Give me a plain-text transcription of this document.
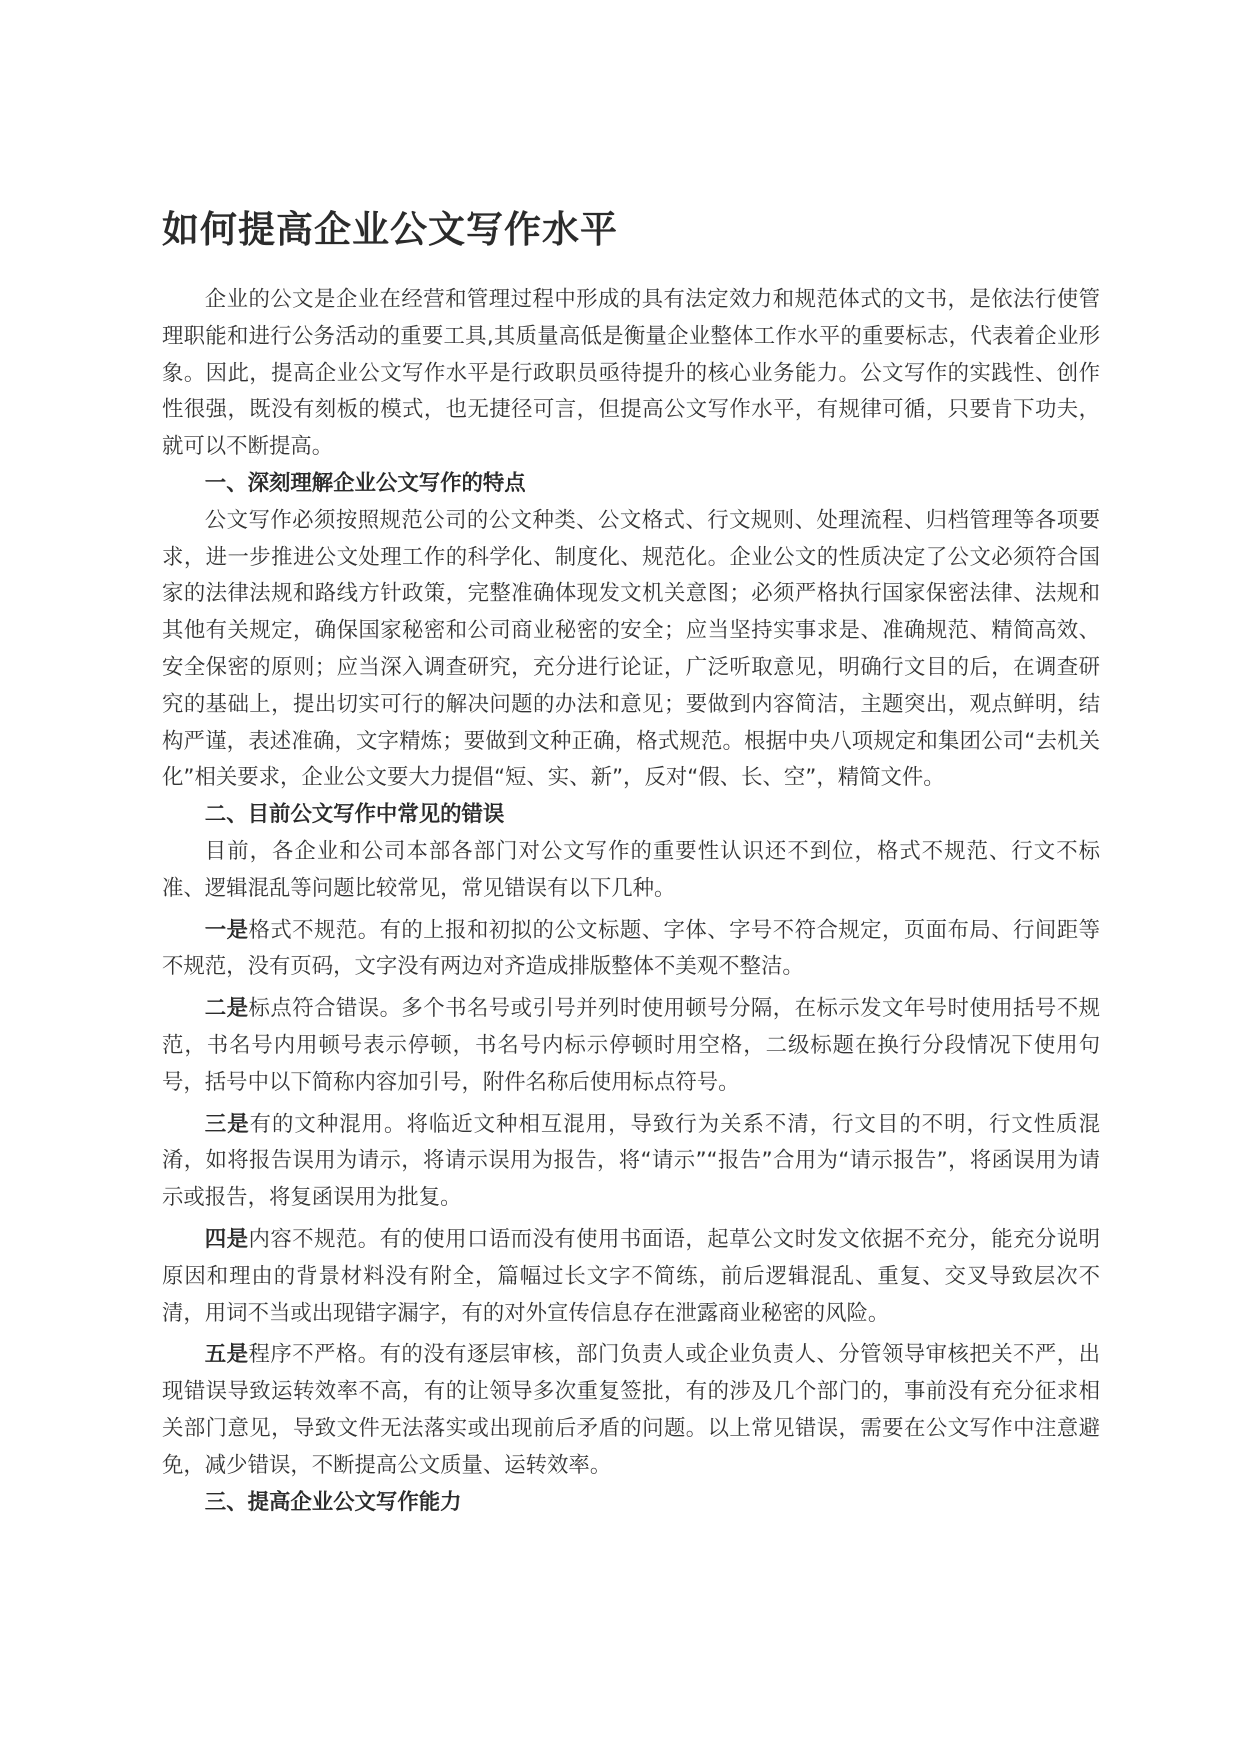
如何提高企业公文写作水平

企业的公文是企业在经营和管理过程中形成的具有法定效力和规范体式的文书，是依法行使管理职能和进行公务活动的重要工具,其质量高低是衡量企业整体工作水平的重要标志，代表着企业形象。因此，提高企业公文写作水平是行政职员亟待提升的核心业务能力。公文写作的实践性、创作性很强，既没有刻板的模式，也无捷径可言，但提高公文写作水平，有规律可循，只要肯下功夫，就可以不断提高。

一、深刻理解企业公文写作的特点

公文写作必须按照规范公司的公文种类、公文格式、行文规则、处理流程、归档管理等各项要求，进一步推进公文处理工作的科学化、制度化、规范化。企业公文的性质决定了公文必须符合国家的法律法规和路线方针政策，完整准确体现发文机关意图；必须严格执行国家保密法律、法规和其他有关规定，确保国家秘密和公司商业秘密的安全；应当坚持实事求是、准确规范、精简高效、安全保密的原则；应当深入调查研究，充分进行论证，广泛听取意见，明确行文目的后，在调查研究的基础上，提出切实可行的解决问题的办法和意见；要做到内容简洁，主题突出，观点鲜明，结构严谨，表述准确，文字精炼；要做到文种正确，格式规范。根据中央八项规定和集团公司“去机关化”相关要求，企业公文要大力提倡“短、实、新”，反对“假、长、空”，精简文件。

二、目前公文写作中常见的错误

目前，各企业和公司本部各部门对公文写作的重要性认识还不到位，格式不规范、行文不标准、逻辑混乱等问题比较常见，常见错误有以下几种。

一是格式不规范。有的上报和初拟的公文标题、字体、字号不符合规定，页面布局、行间距等不规范，没有页码，文字没有两边对齐造成排版整体不美观不整洁。

二是标点符合错误。多个书名号或引号并列时使用顿号分隔，在标示发文年号时使用括号不规范，书名号内用顿号表示停顿，书名号内标示停顿时用空格，二级标题在换行分段情况下使用句号，括号中以下简称内容加引号，附件名称后使用标点符号。

三是有的文种混用。将临近文种相互混用，导致行为关系不清，行文目的不明，行文性质混淆，如将报告误用为请示，将请示误用为报告，将“请示”“报告”合用为“请示报告”，将函误用为请示或报告，将复函误用为批复。

四是内容不规范。有的使用口语而没有使用书面语，起草公文时发文依据不充分，能充分说明原因和理由的背景材料没有附全，篇幅过长文字不简练，前后逻辑混乱、重复、交叉导致层次不清，用词不当或出现错字漏字，有的对外宣传信息存在泄露商业秘密的风险。

五是程序不严格。有的没有逐层审核，部门负责人或企业负责人、分管领导审核把关不严，出现错误导致运转效率不高，有的让领导多次重复签批，有的涉及几个部门的，事前没有充分征求相关部门意见，导致文件无法落实或出现前后矛盾的问题。以上常见错误，需要在公文写作中注意避免，减少错误，不断提高公文质量、运转效率。

三、提高企业公文写作能力
